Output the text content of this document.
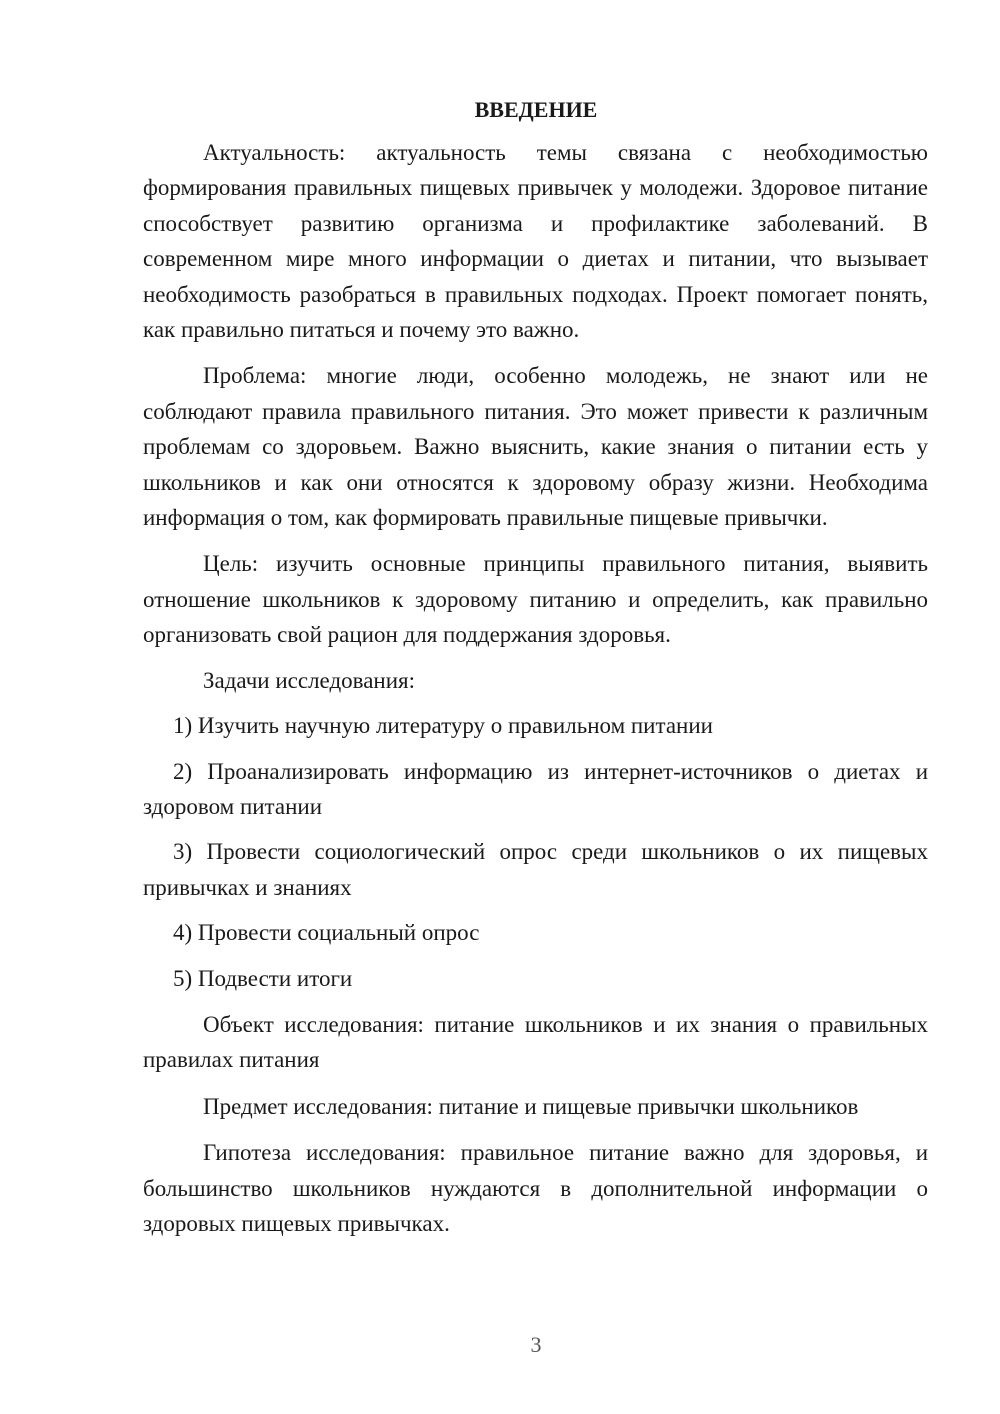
ВВЕДЕНИЕ

Актуальность: актуальность темы связана с необходимостью формирования правильных пищевых привычек у молодежи. Здоровое питание способствует развитию организма и профилактике заболеваний. В современном мире много информации о диетах и питании, что вызывает необходимость разобраться в правильных подходах. Проект помогает понять, как правильно питаться и почему это важно.

Проблема: многие люди, особенно молодежь, не знают или не соблюдают правила правильного питания. Это может привести к различным проблемам со здоровьем. Важно выяснить, какие знания о питании есть у школьников и как они относятся к здоровому образу жизни. Необходима информация о том, как формировать правильные пищевые привычки.

Цель: изучить основные принципы правильного питания, выявить отношение школьников к здоровому питанию и определить, как правильно организовать свой рацион для поддержания здоровья.

Задачи исследования:

1) Изучить научную литературу о правильном питании

2) Проанализировать информацию из интернет-источников о диетах и здоровом питании

3) Провести социологический опрос среди школьников о их пищевых привычках и знаниях

4) Провести социальный опрос

5) Подвести итоги

Объект исследования: питание школьников и их знания о правильных правилах питания

Предмет исследования: питание и пищевые привычки школьников

Гипотеза исследования: правильное питание важно для здоровья, и большинство школьников нуждаются в дополнительной информации о здоровых пищевых привычках.

3
